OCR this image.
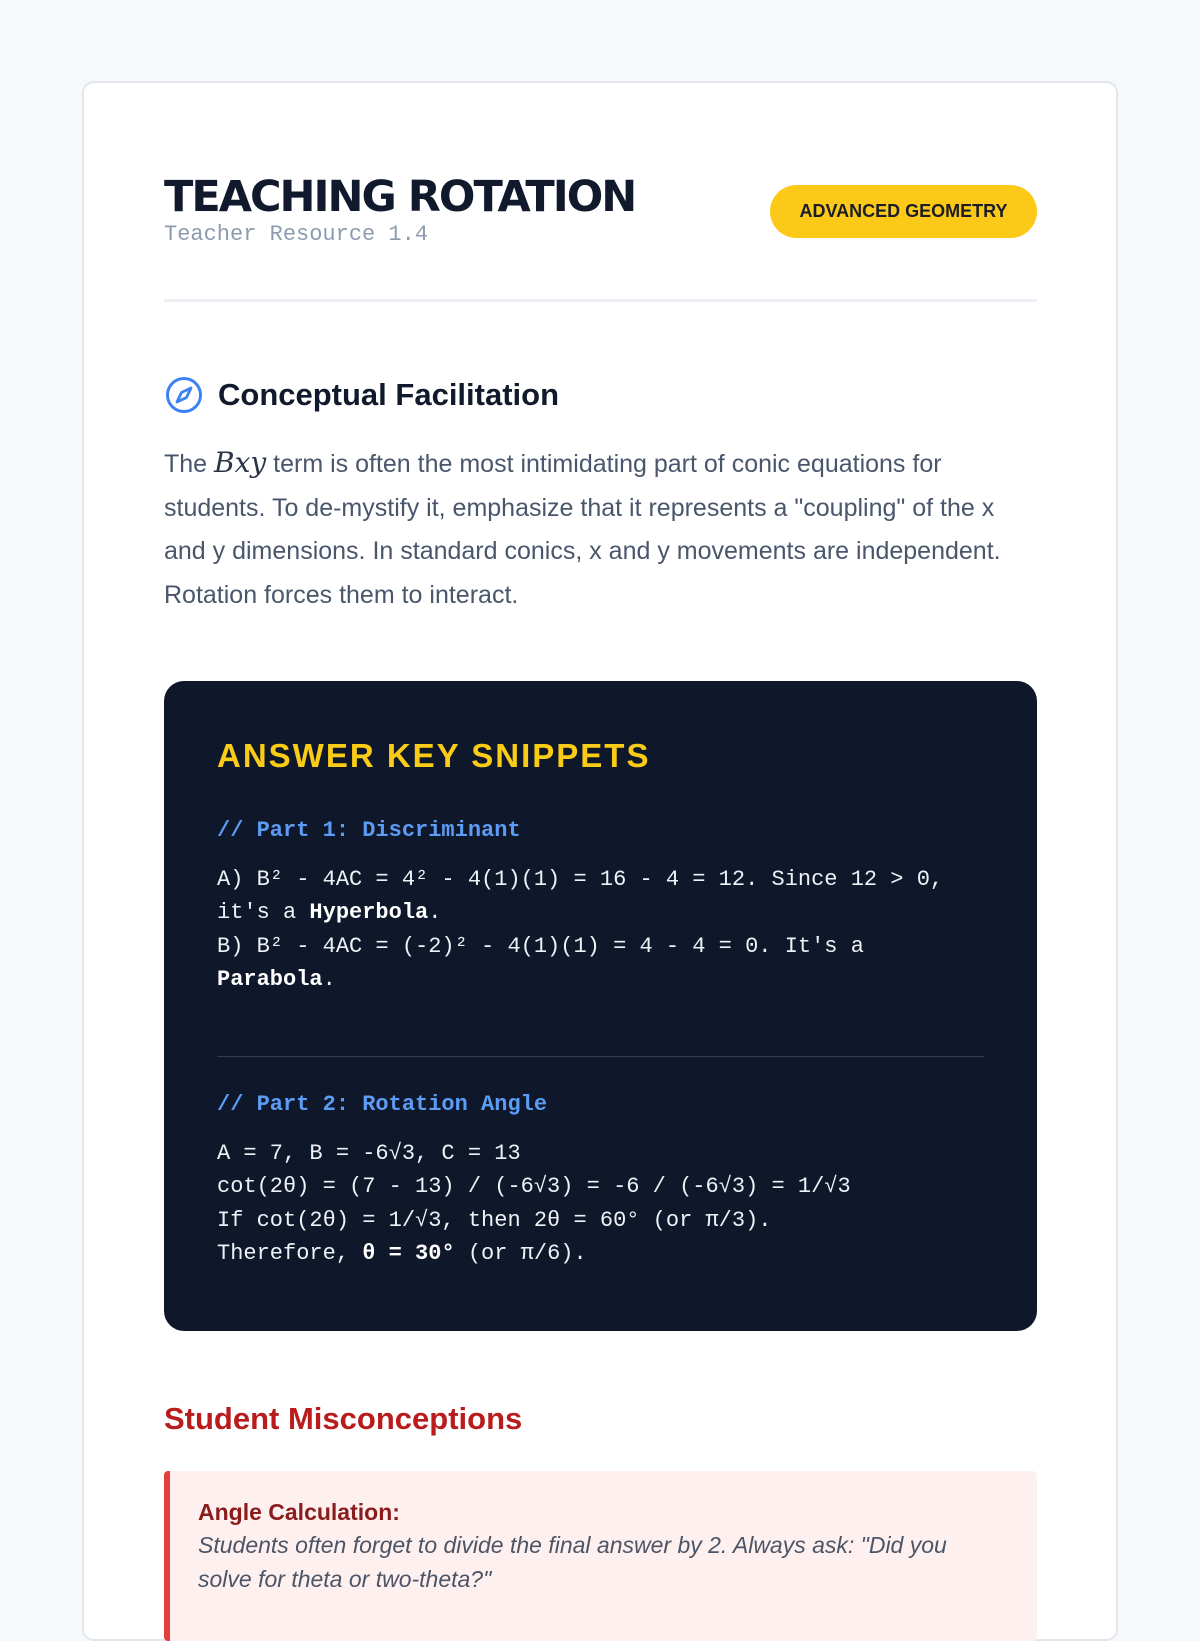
TEACHING ROTATION
Teacher Resource 1.4
ADVANCED GEOMETRY
Conceptual Facilitation

The Bxy term is often the most intimidating part of conic equations for students. To de-mystify it, emphasize that it represents a "coupling" of the x and y dimensions. In standard conics, x and y movements are independent. Rotation forces them to interact.

ANSWER KEY SNIPPETS
// Part 1: Discriminant
A) B² - 4AC = 4² - 4(1)(1) = 16 - 4 = 12. Since 12 > 0, it's a Hyperbola.
B) B² - 4AC = (-2)² - 4(1)(1) = 4 - 4 = 0. It's a Parabola.
// Part 2: Rotation Angle
A = 7, B = -6√3, C = 13
cot(2θ) = (7 - 13) / (-6√3) = -6 / (-6√3) = 1/√3
If cot(2θ) = 1/√3, then 2θ = 60° (or π/3).
Therefore, θ = 30° (or π/6).
Student Misconceptions
Angle Calculation:
Students often forget to divide the final answer by 2. Always ask: "Did you solve for theta or two-theta?"
